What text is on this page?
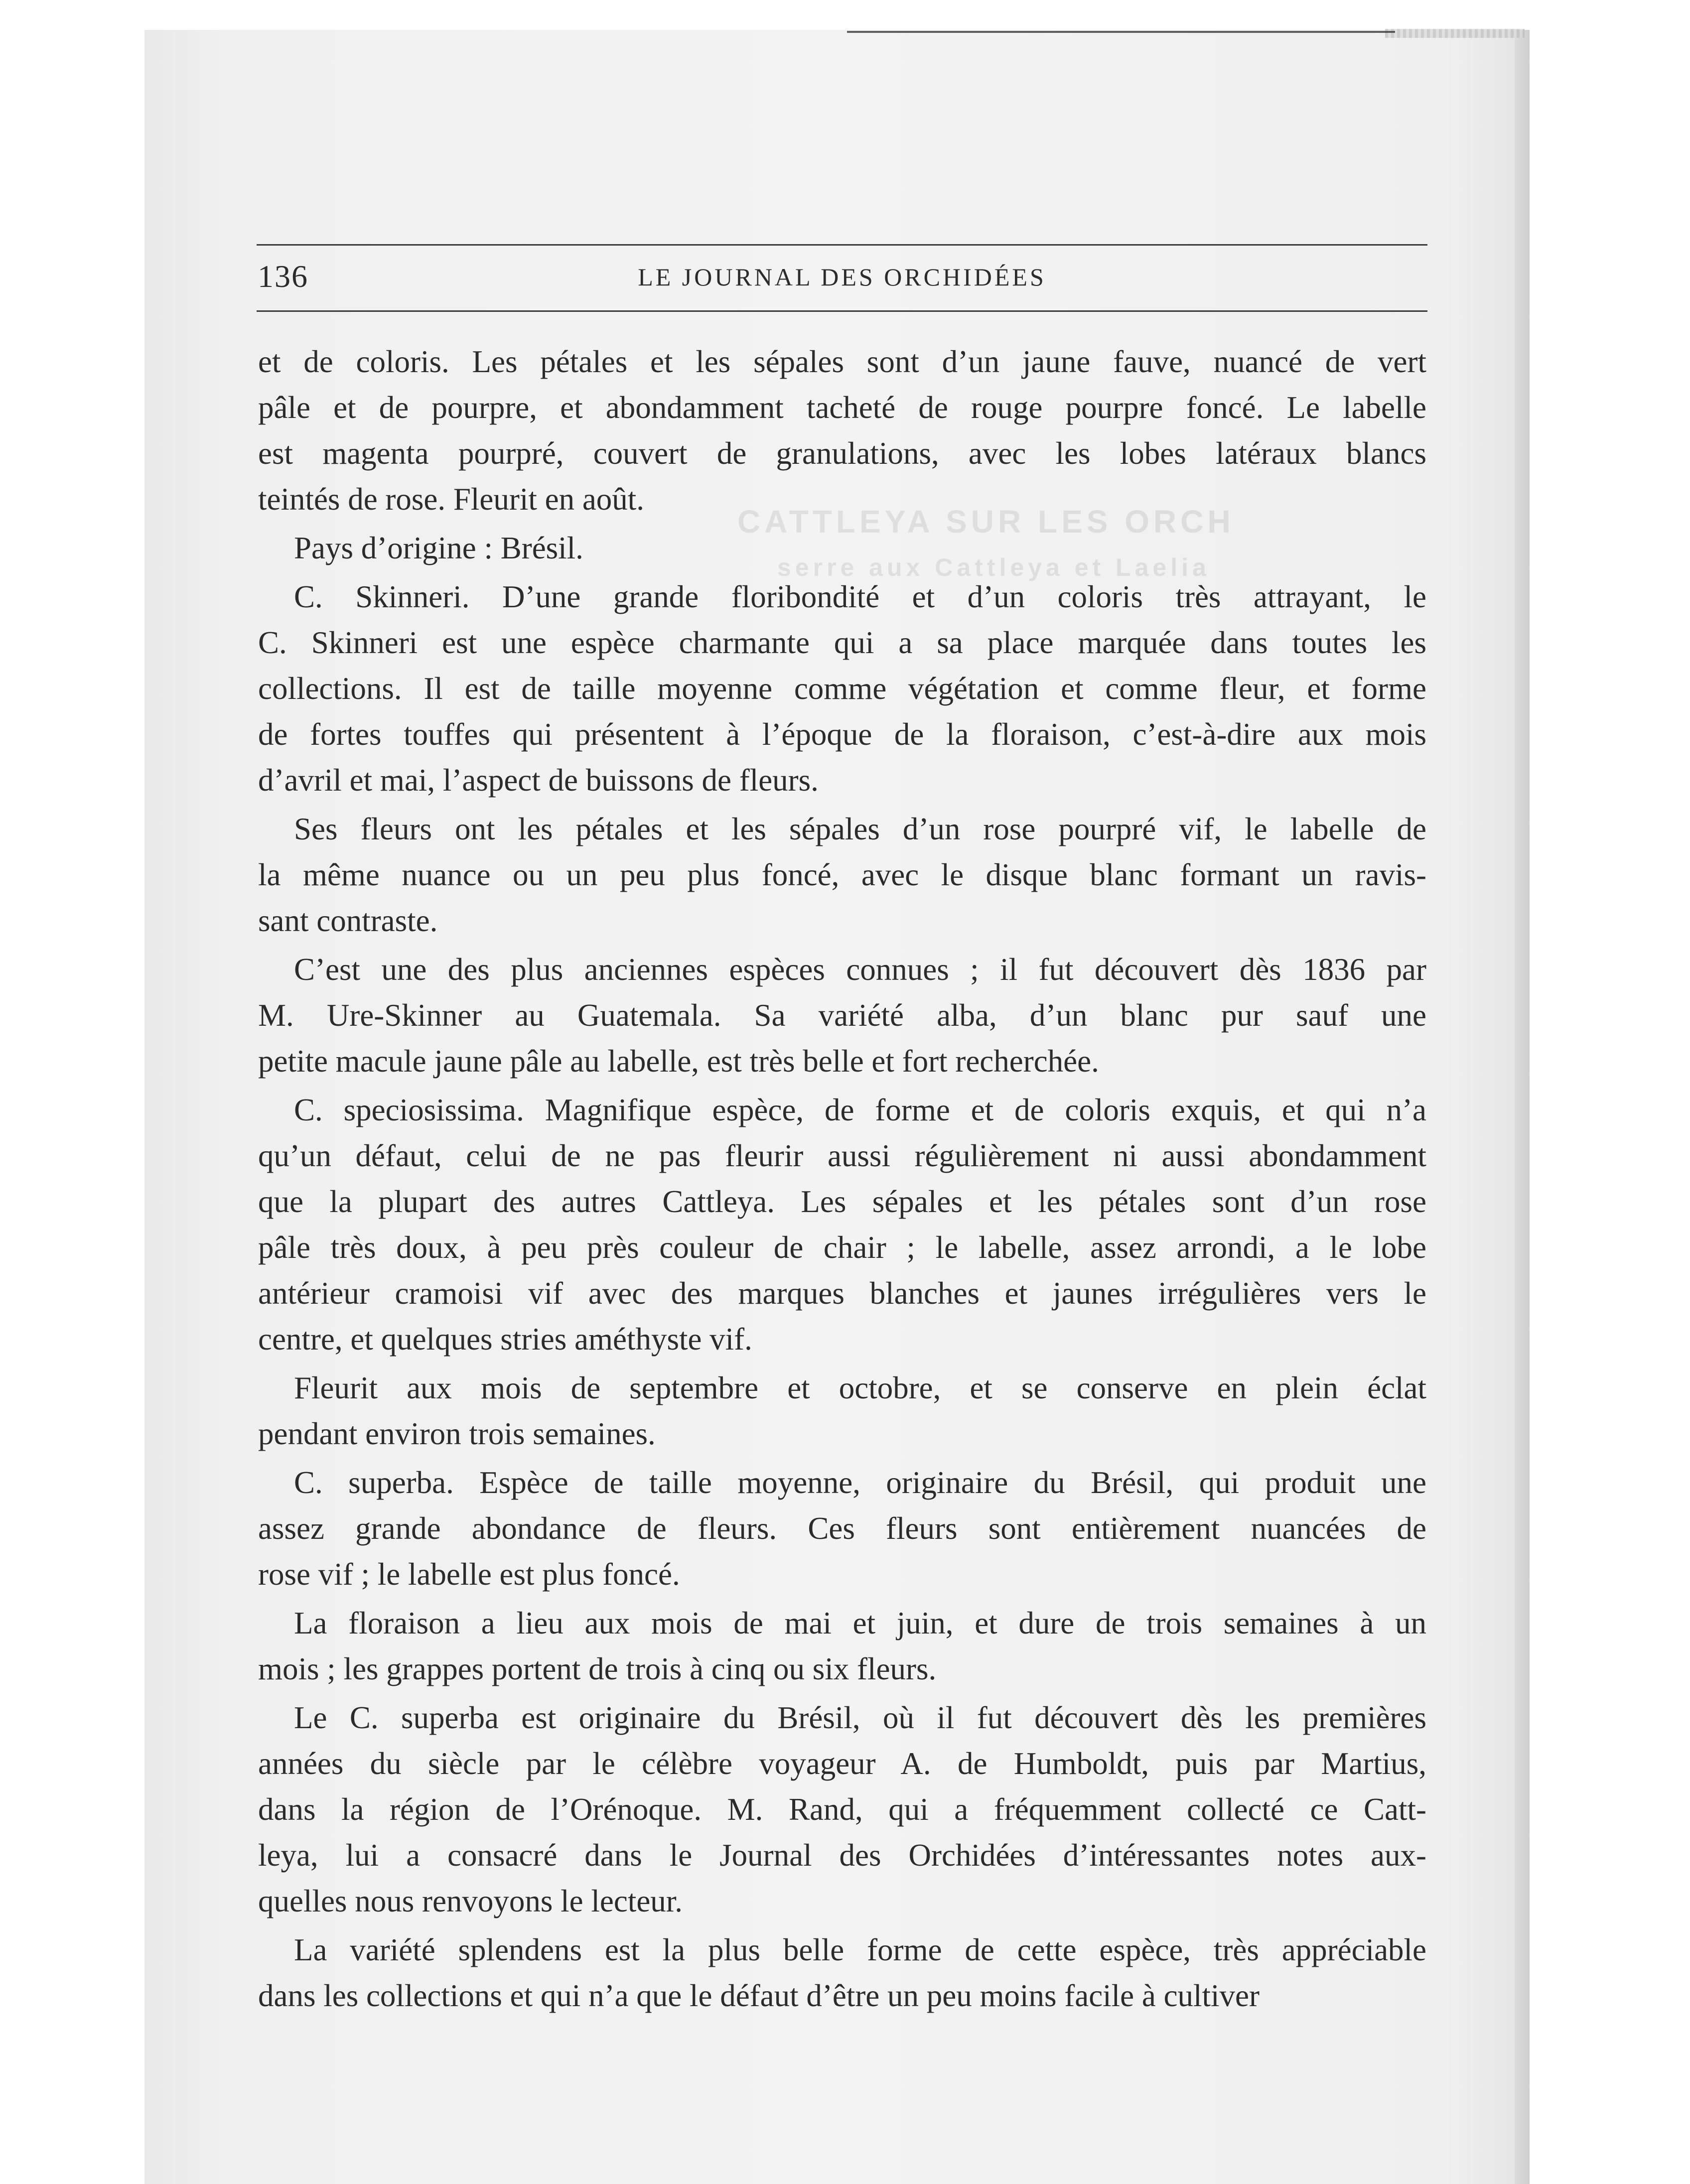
CATTLEYA SUR LES ORCH
serre aux Cattleya et Laelia
136	LE JOURNAL DES ORCHIDÉES

et de coloris. Les pétales et les sépales sont d’un jaune fauve, nuancé de vert

pâle et de pourpre, et abondamment tacheté de rouge pourpre foncé. Le labelle

est magenta pourpré, couvert de granulations, avec les lobes latéraux blancs

teintés de rose. Fleurit en août.

Pays d’origine : Brésil.

C. Skinneri. D’une grande floribondité et d’un coloris très attrayant, le

C. Skinneri est une espèce charmante qui a sa place marquée dans toutes les

collections. Il est de taille moyenne comme végétation et comme fleur, et forme

de fortes touffes qui présentent à l’époque de la floraison, c’est-à-dire aux mois

d’avril et mai, l’aspect de buissons de fleurs.

Ses fleurs ont les pétales et les sépales d’un rose pourpré vif, le labelle de

la même nuance ou un peu plus foncé, avec le disque blanc formant un ravis-

sant contraste.

C’est une des plus anciennes espèces connues ; il fut découvert dès 1836 par

M. Ure-Skinner au Guatemala. Sa variété alba, d’un blanc pur sauf une

petite macule jaune pâle au labelle, est très belle et fort recherchée.

C. speciosissima. Magnifique espèce, de forme et de coloris exquis, et qui n’a

qu’un défaut, celui de ne pas fleurir aussi régulièrement ni aussi abondamment

que la plupart des autres Cattleya. Les sépales et les pétales sont d’un rose

pâle très doux, à peu près couleur de chair ; le labelle, assez arrondi, a le lobe

antérieur cramoisi vif avec des marques blanches et jaunes irrégulières vers le

centre, et quelques stries améthyste vif.

Fleurit aux mois de septembre et octobre, et se conserve en plein éclat

pendant environ trois semaines.

C. superba. Espèce de taille moyenne, originaire du Brésil, qui produit une

assez grande abondance de fleurs. Ces fleurs sont entièrement nuancées de

rose vif ; le labelle est plus foncé.

La floraison a lieu aux mois de mai et juin, et dure de trois semaines à un

mois ; les grappes portent de trois à cinq ou six fleurs.

Le C. superba est originaire du Brésil, où il fut découvert dès les premières

années du siècle par le célèbre voyageur A. de Humboldt, puis par Martius,

dans la région de l’Orénoque. M. Rand, qui a fréquemment collecté ce Catt-

leya, lui a consacré dans le Journal des Orchidées d’intéressantes notes aux-

quelles nous renvoyons le lecteur.

La variété splendens est la plus belle forme de cette espèce, très appréciable

dans les collections et qui n’a que le défaut d’être un peu moins facile à cultiver
